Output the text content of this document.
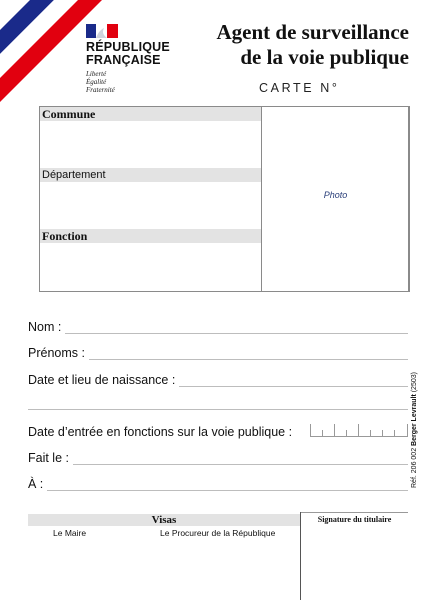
RÉPUBLIQUE
FRANÇAISE
Liberté
Égalité
Fraternité
Agent de surveillance
de la voie publique
CARTE N°
Commune
Département
Fonction
Photo
Nom :
Prénoms :
Date et lieu de naissance :
Date d’entrée en fonctions sur la voie publique :
Fait le :
À :	Réf. 206 002 Berger Levrault (2503)
Visas	Signature du titulaire
Le Maire	Le Procureur de la République
